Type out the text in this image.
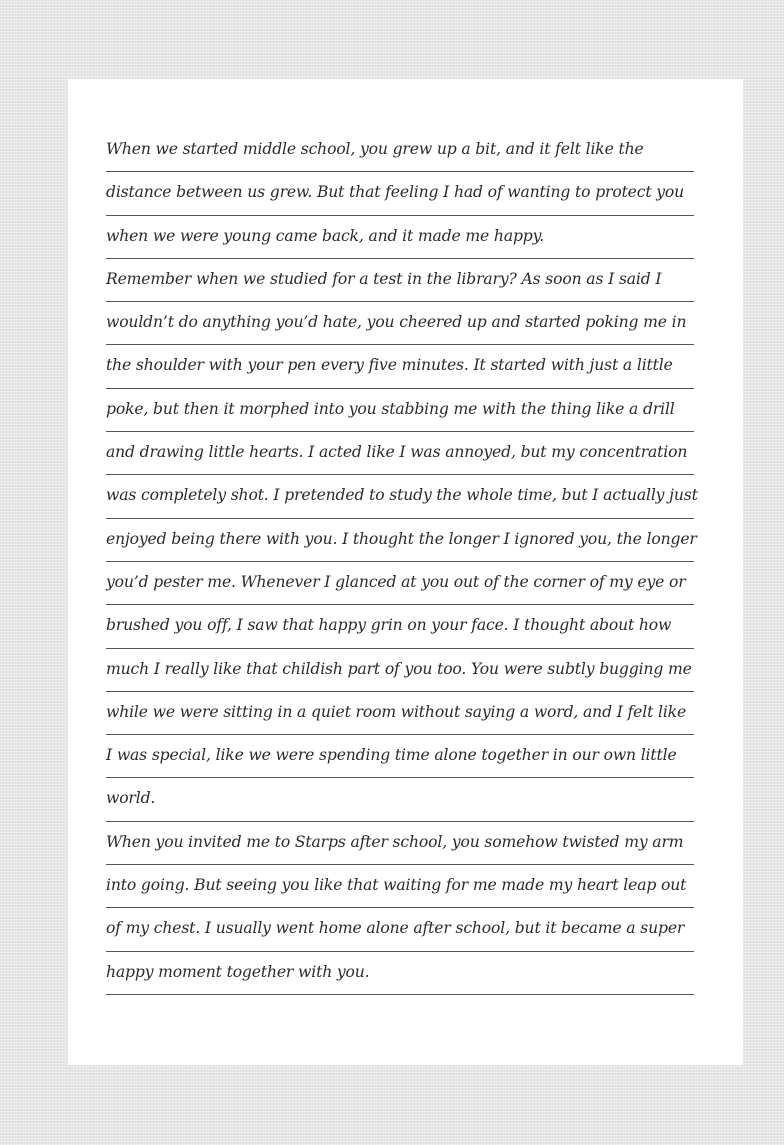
When we started middle school, you grew up a bit, and it felt like the
distance between us grew. But that feeling I had of wanting to protect you
when we were young came back, and it made me happy.
Remember when we studied for a test in the library? As soon as I said I
wouldn’t do anything you’d hate, you cheered up and started poking me in
the shoulder with your pen every five minutes. It started with just a little
poke, but then it morphed into you stabbing me with the thing like a drill
and drawing little hearts. I acted like I was annoyed, but my concentration
was completely shot. I pretended to study the whole time, but I actually just
enjoyed being there with you. I thought the longer I ignored you, the longer
you’d pester me. Whenever I glanced at you out of the corner of my eye or
brushed you off, I saw that happy grin on your face. I thought about how
much I really like that childish part of you too. You were subtly bugging me
while we were sitting in a quiet room without saying a word, and I felt like
I was special, like we were spending time alone together in our own little
world.
When you invited me to Starps after school, you somehow twisted my arm
into going. But seeing you like that waiting for me made my heart leap out
of my chest. I usually went home alone after school, but it became a super
happy moment together with you.
